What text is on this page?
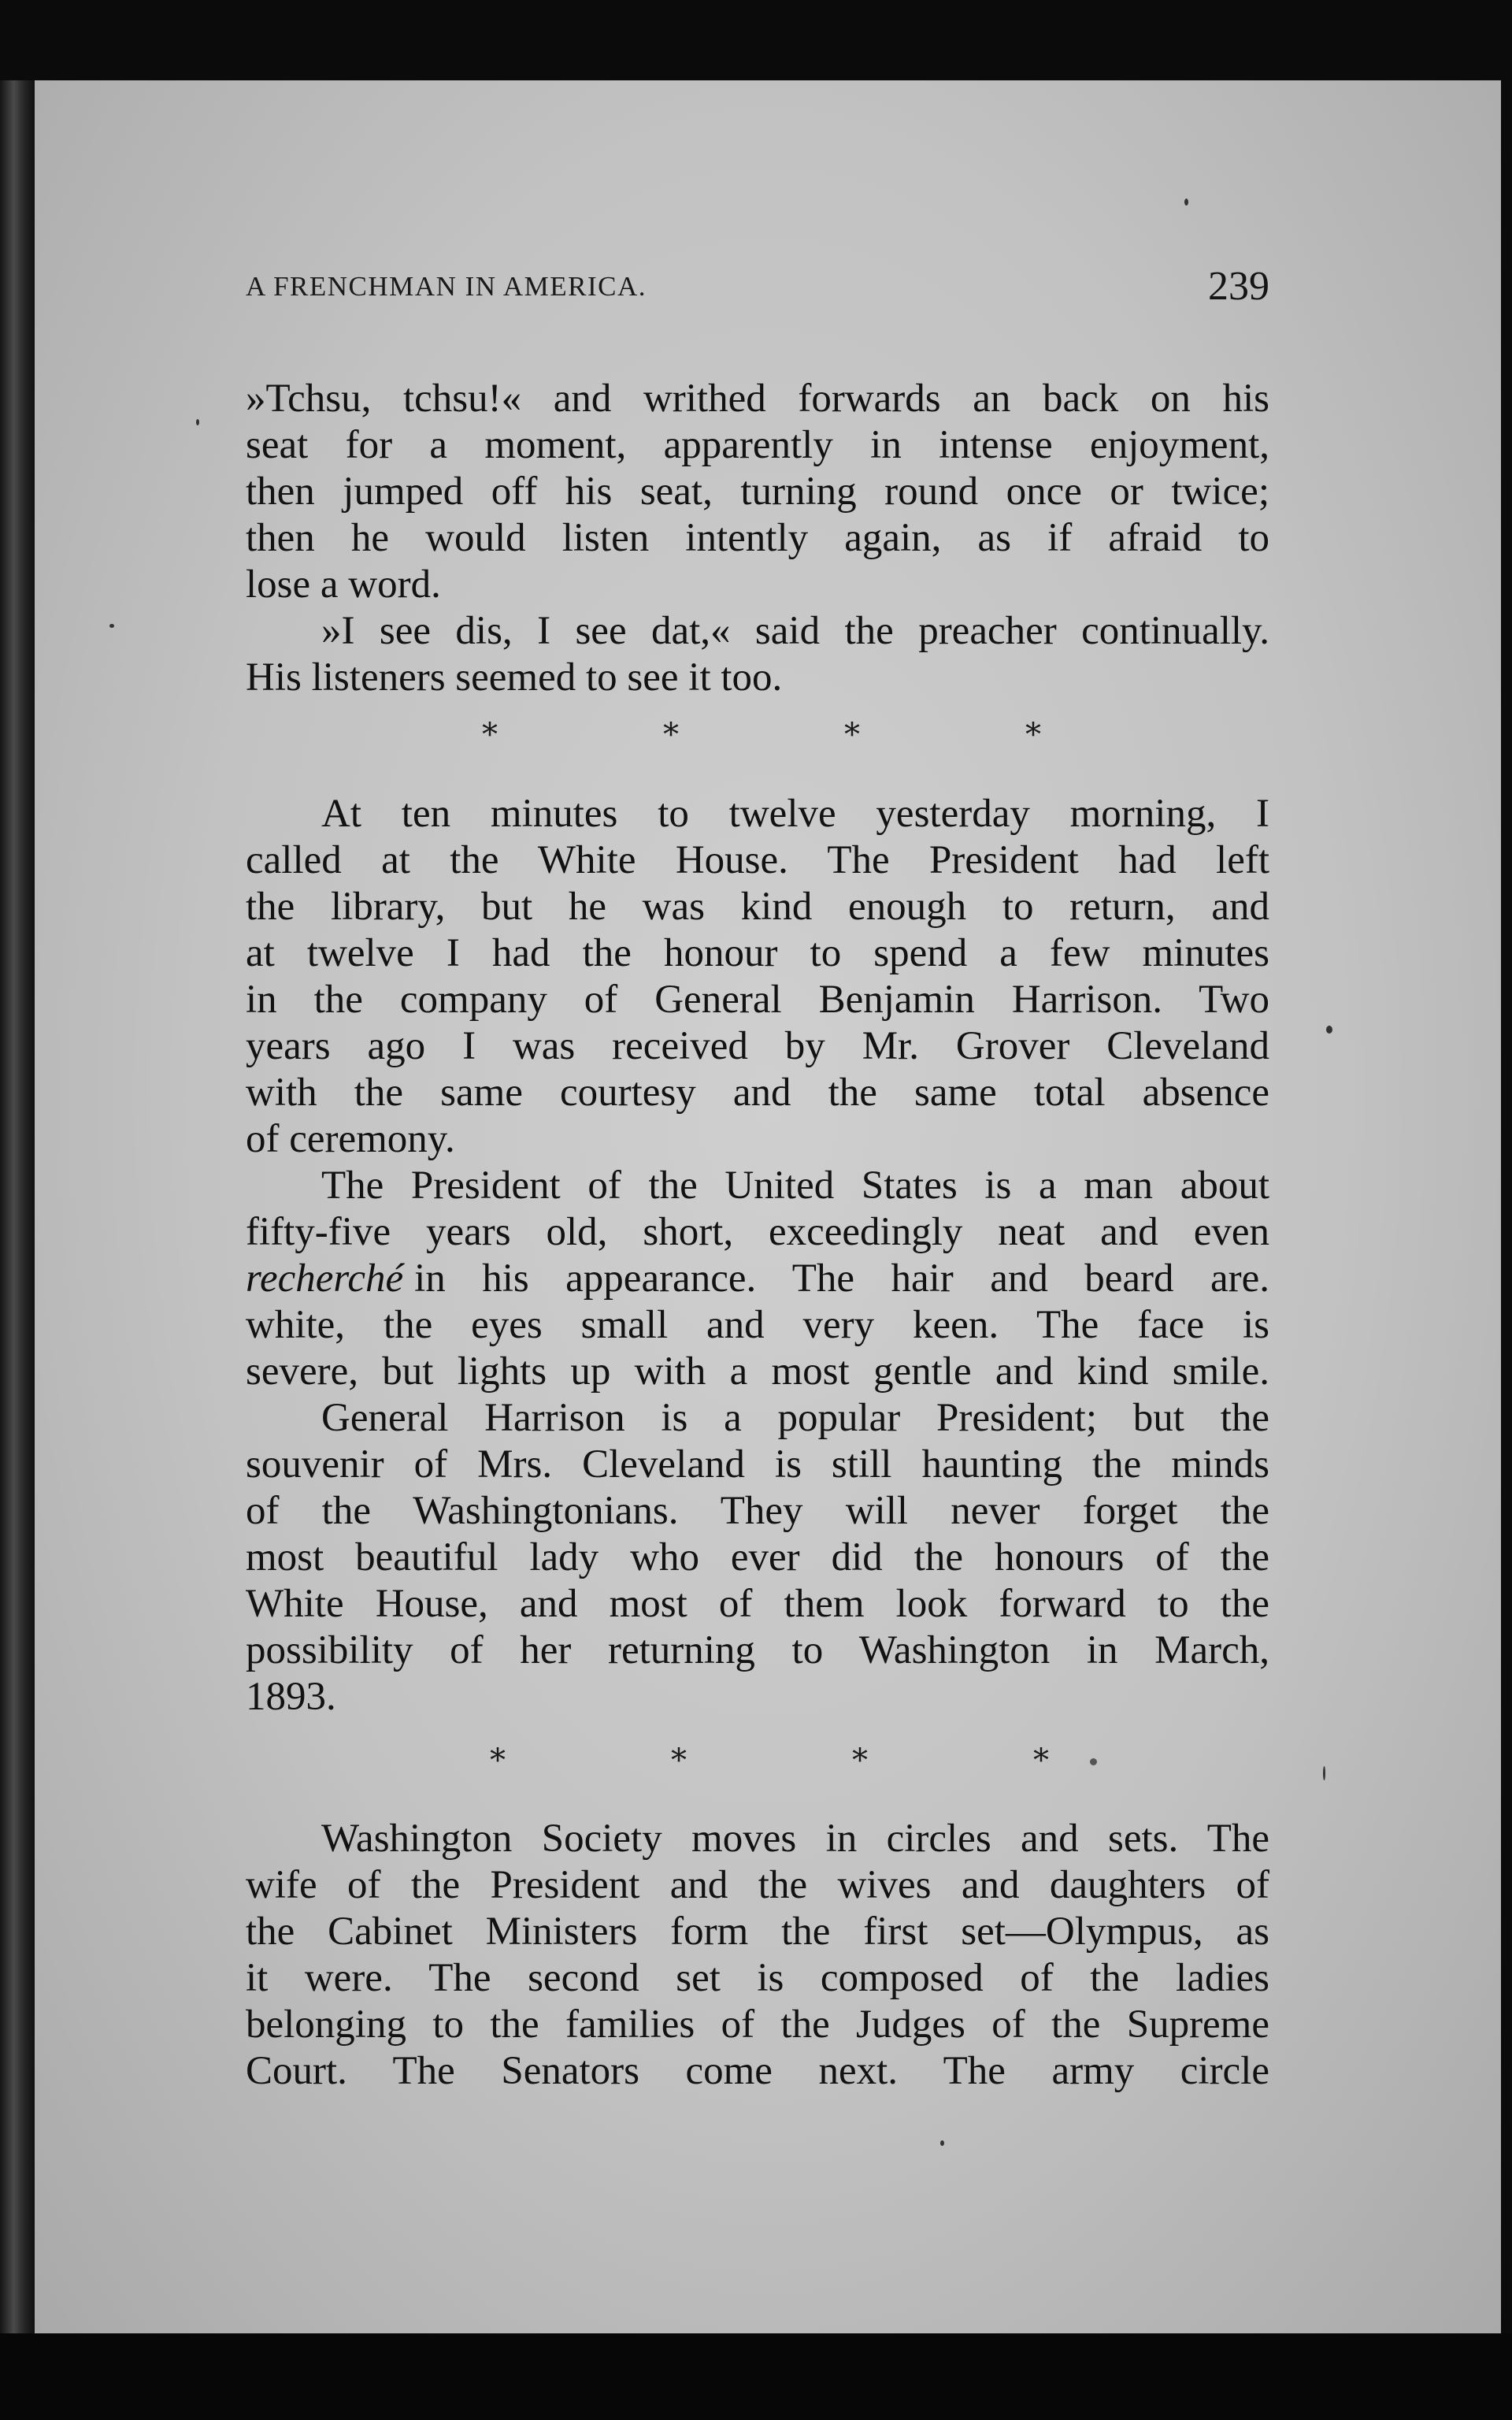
A FRENCHMAN IN AMERICA.	239
»Tchsu, tchsu!« and writhed forwards an back on his
seat for a moment, apparently in intense enjoyment,
then jumped off his seat, turning round once or twice;
then he would listen intently again, as if afraid to
lose a word.
»I see dis, I see dat,« said the preacher continually.
His listeners seemed to see it too.
*	*	*	*
At ten minutes to twelve yesterday morning, I
called at the White House. The President had left
the library, but he was kind enough to return, and
at twelve I had the honour to spend a few minutes
in the company of General Benjamin Harrison. Two
years ago I was received by Mr. Grover Cleveland
with the same courtesy and the same total absence
of ceremony.
The President of the United States is a man about
fifty-five years old, short, exceedingly neat and even
recherché in his appearance. The hair and beard are.
white, the eyes small and very keen. The face is
severe, but lights up with a most gentle and kind smile.
General Harrison is a popular President; but the
souvenir of Mrs. Cleveland is still haunting the minds
of the Washingtonians. They will never forget the
most beautiful lady who ever did the honours of the
White House, and most of them look forward to the
possibility of her returning to Washington in March,
1893.
*	*	*	*
Washington Society moves in circles and sets. The
wife of the President and the wives and daughters of
the Cabinet Ministers form the first set—Olympus, as
it were. The second set is composed of the ladies
belonging to the families of the Judges of the Supreme
Court. The Senators come next. The army circle
